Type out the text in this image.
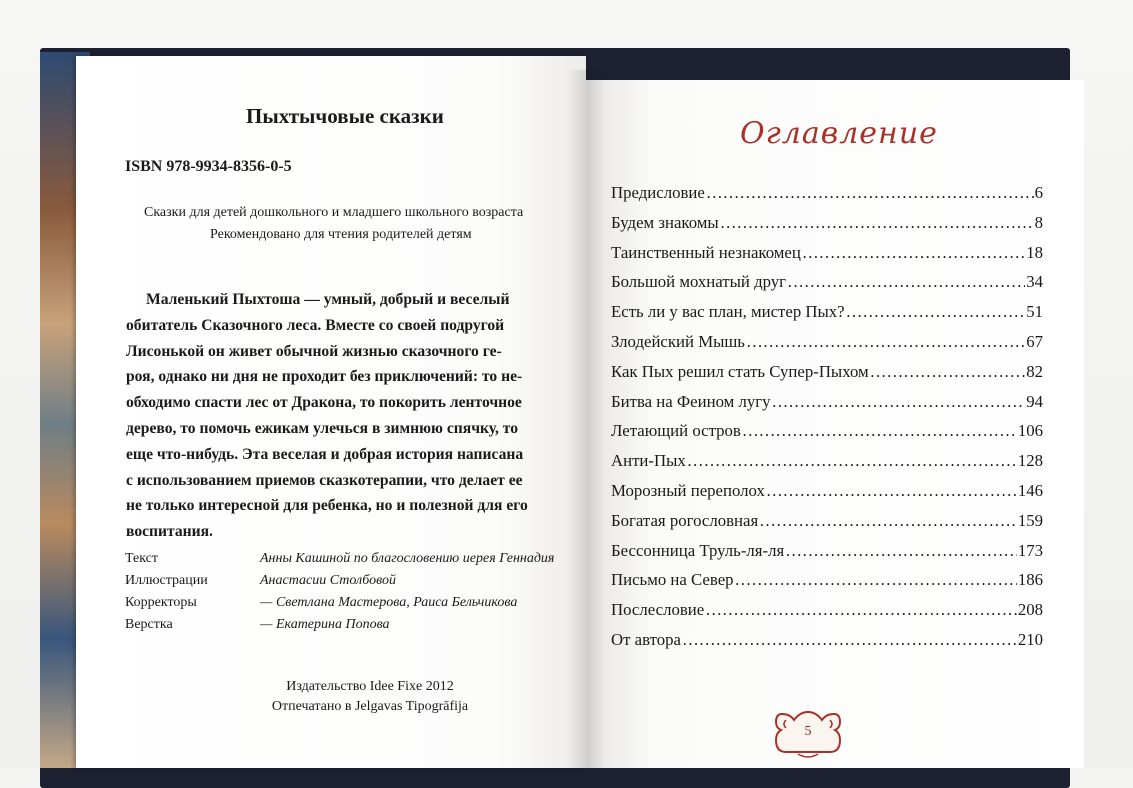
Пыхтычовые сказки
ISBN 978-9934-8356-0-5
Сказки для детей дошкольного и младшего школьного возраста
Рекомендовано для чтения родителей детям
Маленький Пыхтоша — умный, добрый и веселый
обитатель Сказочного леса. Вместе со своей подругой
Лисонькой он живет обычной жизнью сказочного ге-
роя, однако ни дня не проходит без приключений: то не-
обходимо спасти лес от Дракона, то покорить ленточное
дерево, то помочь ежикам улечься в зимнюю спячку, то
еще что-нибудь. Эта веселая и добрая история написана
с использованием приемов сказкотерапии, что делает ее
не только интересной для ребенка, но и полезной для его
воспитания.
Текст	Анны Кашиной по благословению иерея Геннадия
Иллюстрации	Анастасии Столбовой
Корректоры	— Светлана Мастерова, Раиса Бельчикова
Верстка	— Екатерина Попова
Издательство Idee Fixe 2012
Отпечатано в Jelgavas Tipogrāfija
Оглавление
Предисловие ……………………………………………………………………………………………………	6
Будем знакомы ……………………………………………………………………………………………………	8
Таинственный незнакомец ……………………………………………………………………………………………………	18
Большой мохнатый друг ……………………………………………………………………………………………………	34
Есть ли у вас план, мистер Пых? ……………………………………………………………………………………………………	51
Злодейский Мышь ……………………………………………………………………………………………………	67
Как Пых решил стать Супер-Пыхом ……………………………………………………………………………………………………	82
Битва на Феином лугу ……………………………………………………………………………………………………	94
Летающий остров ……………………………………………………………………………………………………	106
Анти-Пых ……………………………………………………………………………………………………	128
Морозный переполох ……………………………………………………………………………………………………	146
Богатая рогословная ……………………………………………………………………………………………………	159
Бессонница Труль-ля-ля ……………………………………………………………………………………………………	173
Письмо на Север ……………………………………………………………………………………………………	186
Послесловие ……………………………………………………………………………………………………	208
От автора ……………………………………………………………………………………………………	210
5
